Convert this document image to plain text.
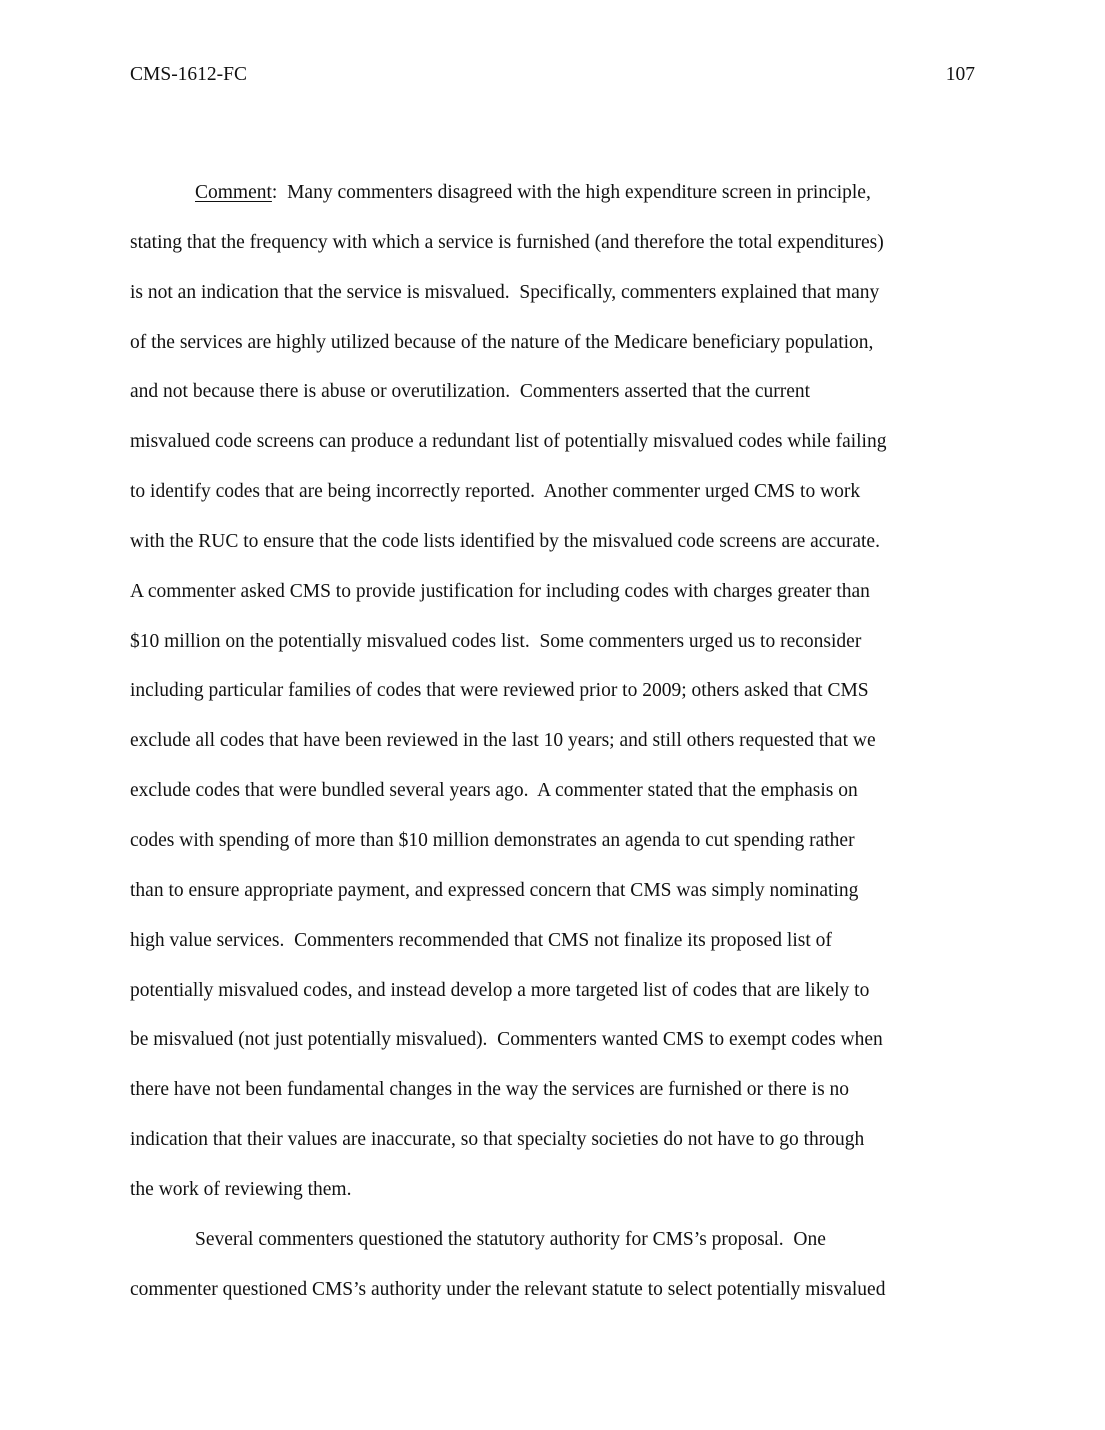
CMS-1612-FC	107
Comment:  Many commenters disagreed with the high expenditure screen in principle,
stating that the frequency with which a service is furnished (and therefore the total expenditures)
is not an indication that the service is misvalued.  Specifically, commenters explained that many
of the services are highly utilized because of the nature of the Medicare beneficiary population,
and not because there is abuse or overutilization.  Commenters asserted that the current
misvalued code screens can produce a redundant list of potentially misvalued codes while failing
to identify codes that are being incorrectly reported.  Another commenter urged CMS to work
with the RUC to ensure that the code lists identified by the misvalued code screens are accurate.
A commenter asked CMS to provide justification for including codes with charges greater than
$10 million on the potentially misvalued codes list.  Some commenters urged us to reconsider
including particular families of codes that were reviewed prior to 2009; others asked that CMS
exclude all codes that have been reviewed in the last 10 years; and still others requested that we
exclude codes that were bundled several years ago.  A commenter stated that the emphasis on
codes with spending of more than $10 million demonstrates an agenda to cut spending rather
than to ensure appropriate payment, and expressed concern that CMS was simply nominating
high value services.  Commenters recommended that CMS not finalize its proposed list of
potentially misvalued codes, and instead develop a more targeted list of codes that are likely to
be misvalued (not just potentially misvalued).  Commenters wanted CMS to exempt codes when
there have not been fundamental changes in the way the services are furnished or there is no
indication that their values are inaccurate, so that specialty societies do not have to go through
the work of reviewing them.
Several commenters questioned the statutory authority for CMS’s proposal.  One
commenter questioned CMS’s authority under the relevant statute to select potentially misvalued
